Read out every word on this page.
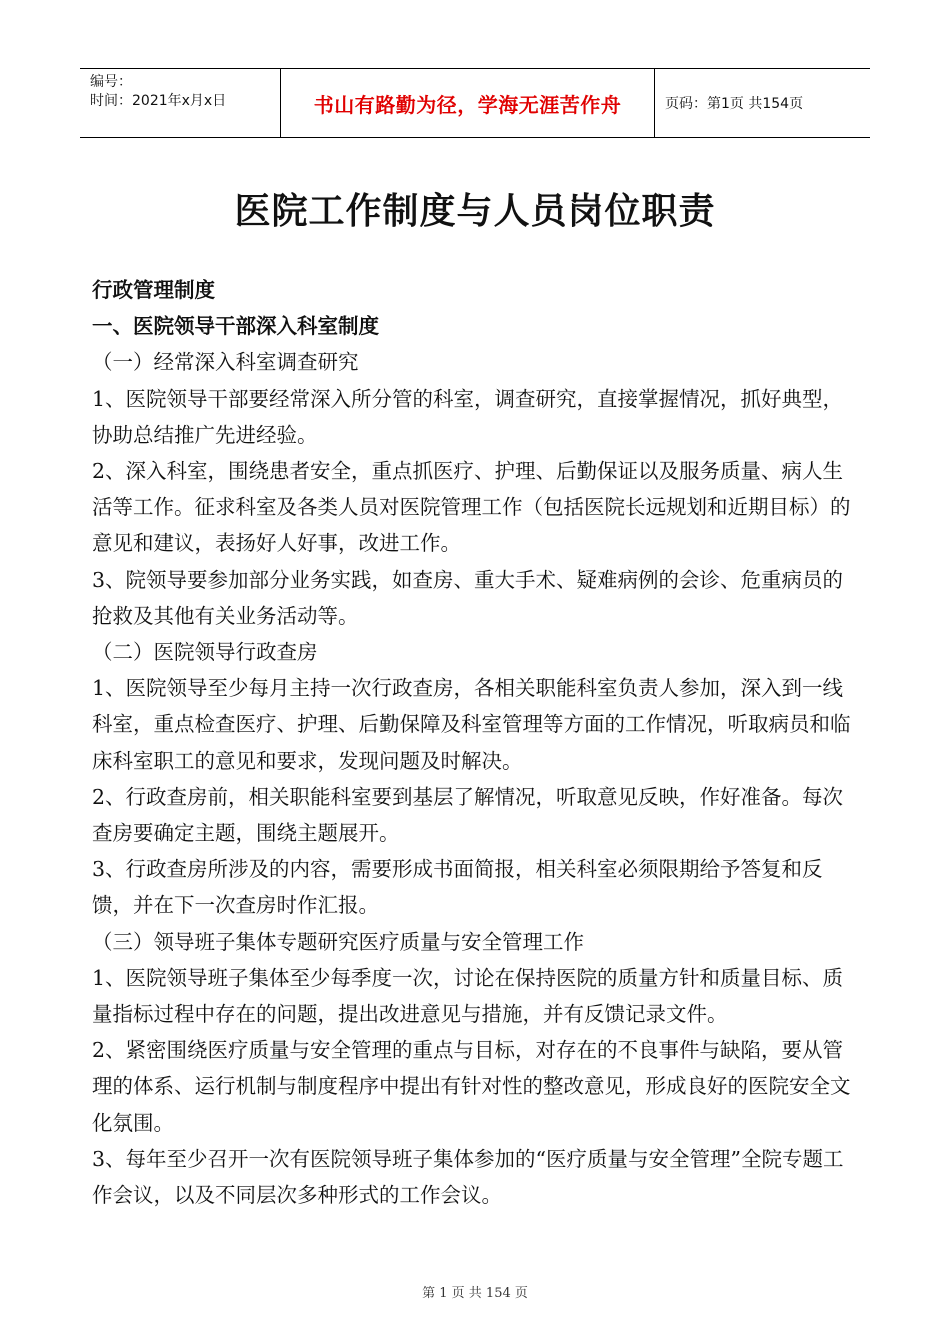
编号：
时间：2021年x月x日	书山有路勤为径，学海无涯苦作舟	页码：第1页 共154页
医院工作制度与人员岗位职责

行政管理制度

一、医院领导干部深入科室制度

（一）经常深入科室调查研究

1、医院领导干部要经常深入所分管的科室，调查研究，直接掌握情况，抓好典型，协助总结推广先进经验。

2、深入科室，围绕患者安全，重点抓医疗、护理、后勤保证以及服务质量、病人生活等工作。征求科室及各类人员对医院管理工作（包括医院长远规划和近期目标）的意见和建议，表扬好人好事，改进工作。

3、院领导要参加部分业务实践，如查房、重大手术、疑难病例的会诊、危重病员的抢救及其他有关业务活动等。

（二）医院领导行政查房

1、医院领导至少每月主持一次行政查房，各相关职能科室负责人参加，深入到一线科室，重点检查医疗、护理、后勤保障及科室管理等方面的工作情况，听取病员和临床科室职工的意见和要求，发现问题及时解决。

2、行政查房前，相关职能科室要到基层了解情况，听取意见反映，作好准备。每次查房要确定主题，围绕主题展开。

3、行政查房所涉及的内容，需要形成书面简报，相关科室必须限期给予答复和反馈，并在下一次查房时作汇报。

（三）领导班子集体专题研究医疗质量与安全管理工作

1、医院领导班子集体至少每季度一次，讨论在保持医院的质量方针和质量目标、质量指标过程中存在的问题，提出改进意见与措施，并有反馈记录文件。

2、紧密围绕医疗质量与安全管理的重点与目标，对存在的不良事件与缺陷，要从管理的体系、运行机制与制度程序中提出有针对性的整改意见，形成良好的医院安全文化氛围。

3、每年至少召开一次有医院领导班子集体参加的“医疗质量与安全管理”全院专题工作会议，以及不同层次多种形式的工作会议。

第 1 页 共 154 页
